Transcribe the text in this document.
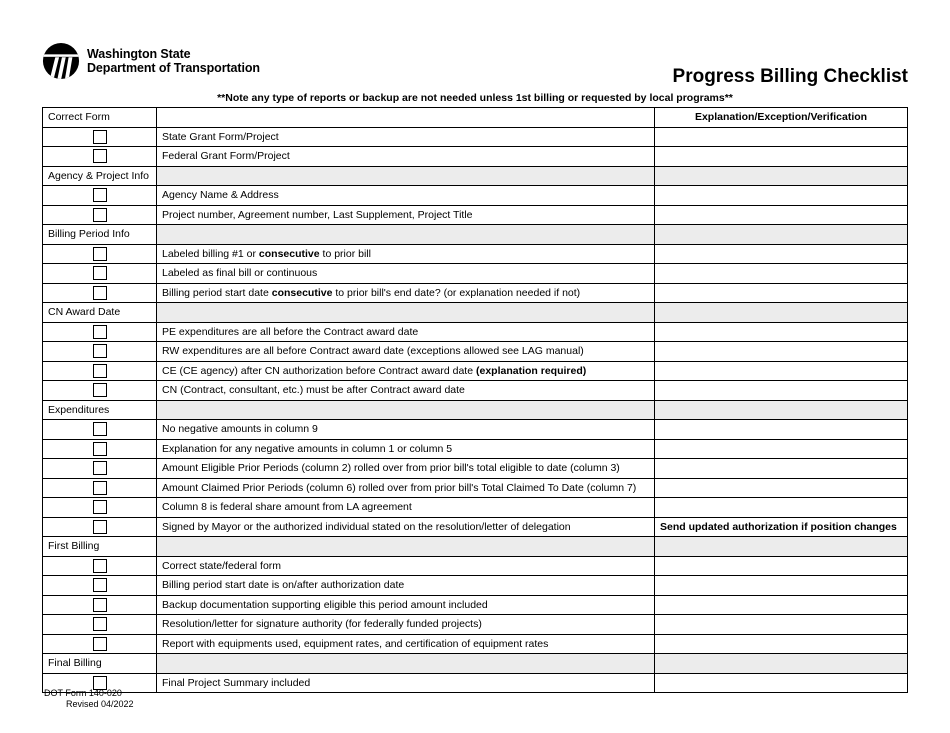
Washington State
Department of Transportation	Progress Billing Checklist
**Note any type of reports or backup are not needed unless 1st billing or requested by local programs**
Correct Form		Explanation/Exception/Verification
	State Grant Form/Project	
	Federal Grant Form/Project	
Agency & Project Info		
	Agency Name & Address	
	Project number, Agreement number, Last Supplement, Project Title	
Billing Period Info		
	Labeled billing #1 or consecutive to prior bill	
	Labeled as final bill or continuous	
	Billing period start date consecutive to prior bill's end date? (or explanation needed if not)	
CN Award Date		
	PE expenditures are all before the Contract award date	
	RW expenditures are all before Contract award date (exceptions allowed see LAG manual)	
	CE (CE agency) after CN authorization before Contract award date (explanation required)	
	CN (Contract, consultant, etc.) must be after Contract award date	
Expenditures		
	No negative amounts in column 9	
	Explanation for any negative amounts in column 1 or column 5	
	Amount Eligible Prior Periods (column 2) rolled over from prior bill's total eligible to date (column 3)	
	Amount Claimed Prior Periods (column 6) rolled over from prior bill's Total Claimed To Date (column 7)	
	Column 8 is federal share amount from LA agreement	
	Signed by Mayor or the authorized individual stated on the resolution/letter of delegation	Send updated authorization if position changes
First Billing		
	Correct state/federal form	
	Billing period start date is on/after authorization date	
	Backup documentation supporting eligible this period amount included	
	Resolution/letter for signature authority (for federally funded projects)	
	Report with equipments used, equipment rates, and certification of equipment rates	
Final Billing		
	Final Project Summary included	
DOT Form 140-020
Revised 04/2022
